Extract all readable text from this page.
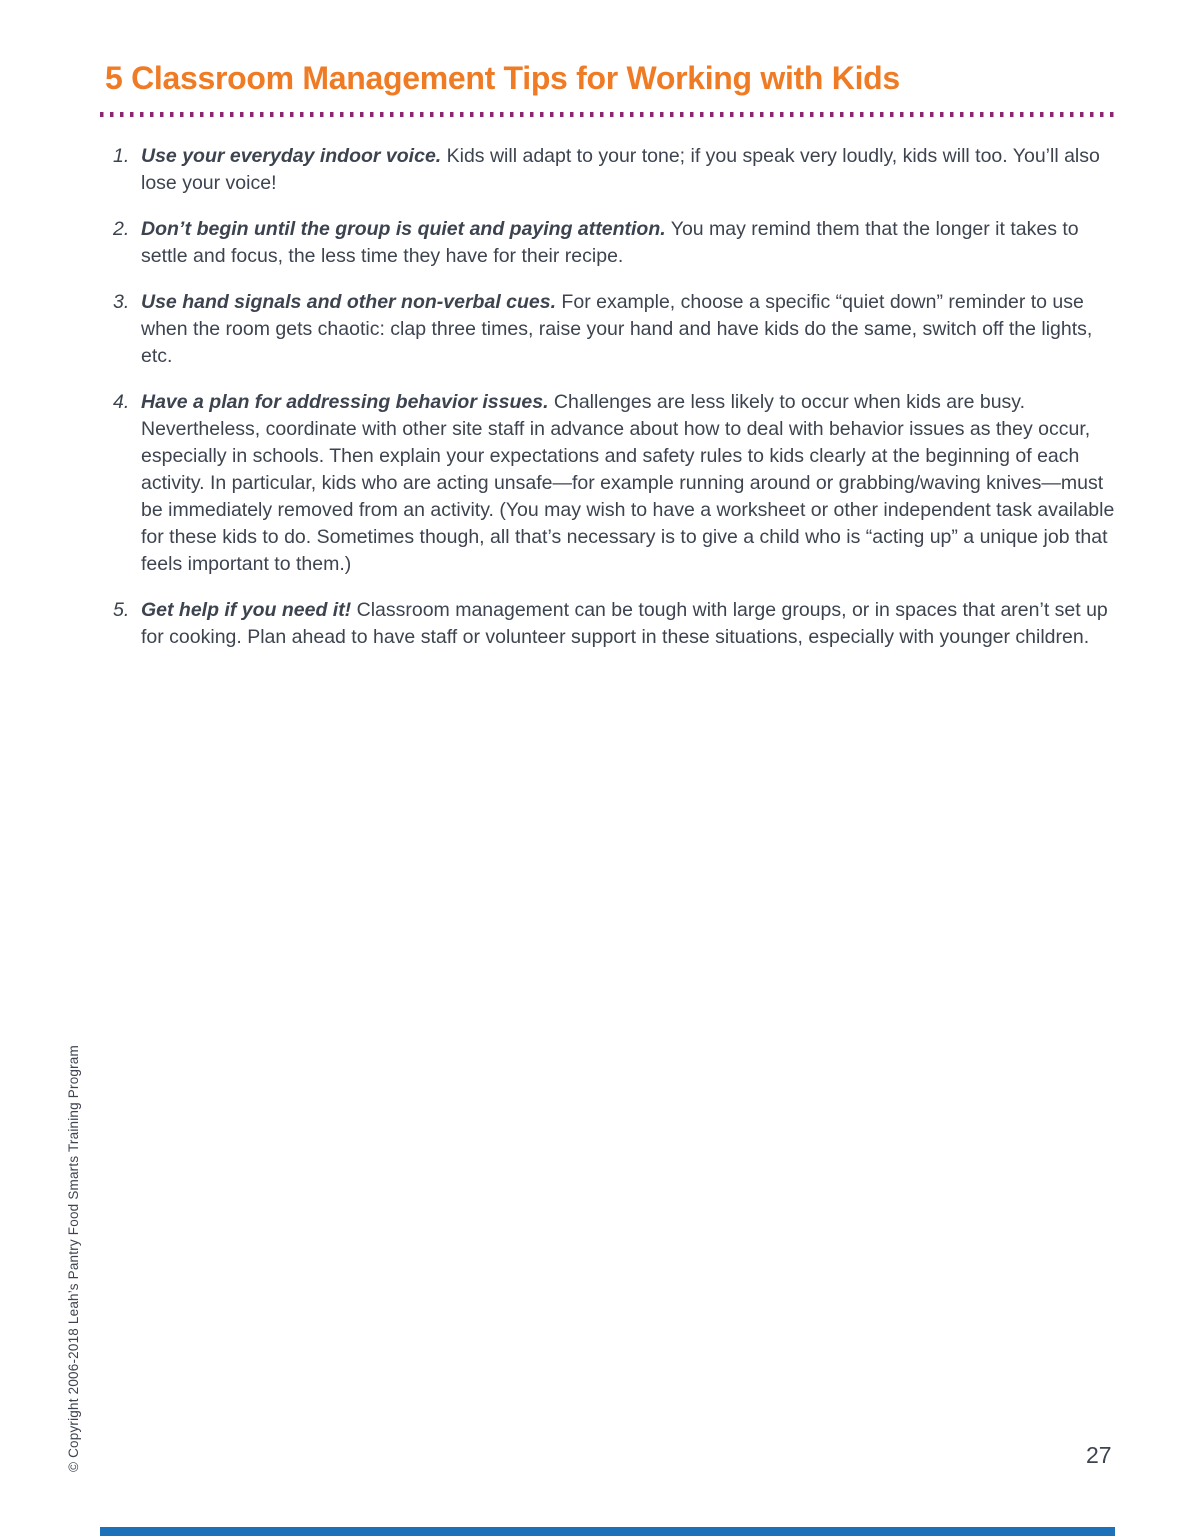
5 Classroom Management Tips for Working with Kids
1. Use your everyday indoor voice. Kids will adapt to your tone; if you speak very loudly, kids will too. You’ll also lose your voice!

2. Don’t begin until the group is quiet and paying attention. You may remind them that the longer it takes to settle and focus, the less time they have for their recipe.

3. Use hand signals and other non-verbal cues. For example, choose a specific “quiet down” reminder to use when the room gets chaotic: clap three times, raise your hand and have kids do the same, switch off the lights, etc.

4. Have a plan for addressing behavior issues. Challenges are less likely to occur when kids are busy. Nevertheless, coordinate with other site staff in advance about how to deal with behavior issues as they occur, especially in schools. Then explain your expectations and safety rules to kids clearly at the beginning of each activity. In particular, kids who are acting unsafe—for example running around or grabbing/waving knives—must be immediately removed from an activity. (You may wish to have a worksheet or other independent task available for these kids to do. Sometimes though, all that’s necessary is to give a child who is “acting up” a unique job that feels important to them.)

5. Get help if you need it! Classroom management can be tough with large groups, or in spaces that aren’t set up for cooking. Plan ahead to have staff or volunteer support in these situations, especially with younger children.

© Copyright 2006-2018 Leah’s Pantry Food Smarts Training Program	27
